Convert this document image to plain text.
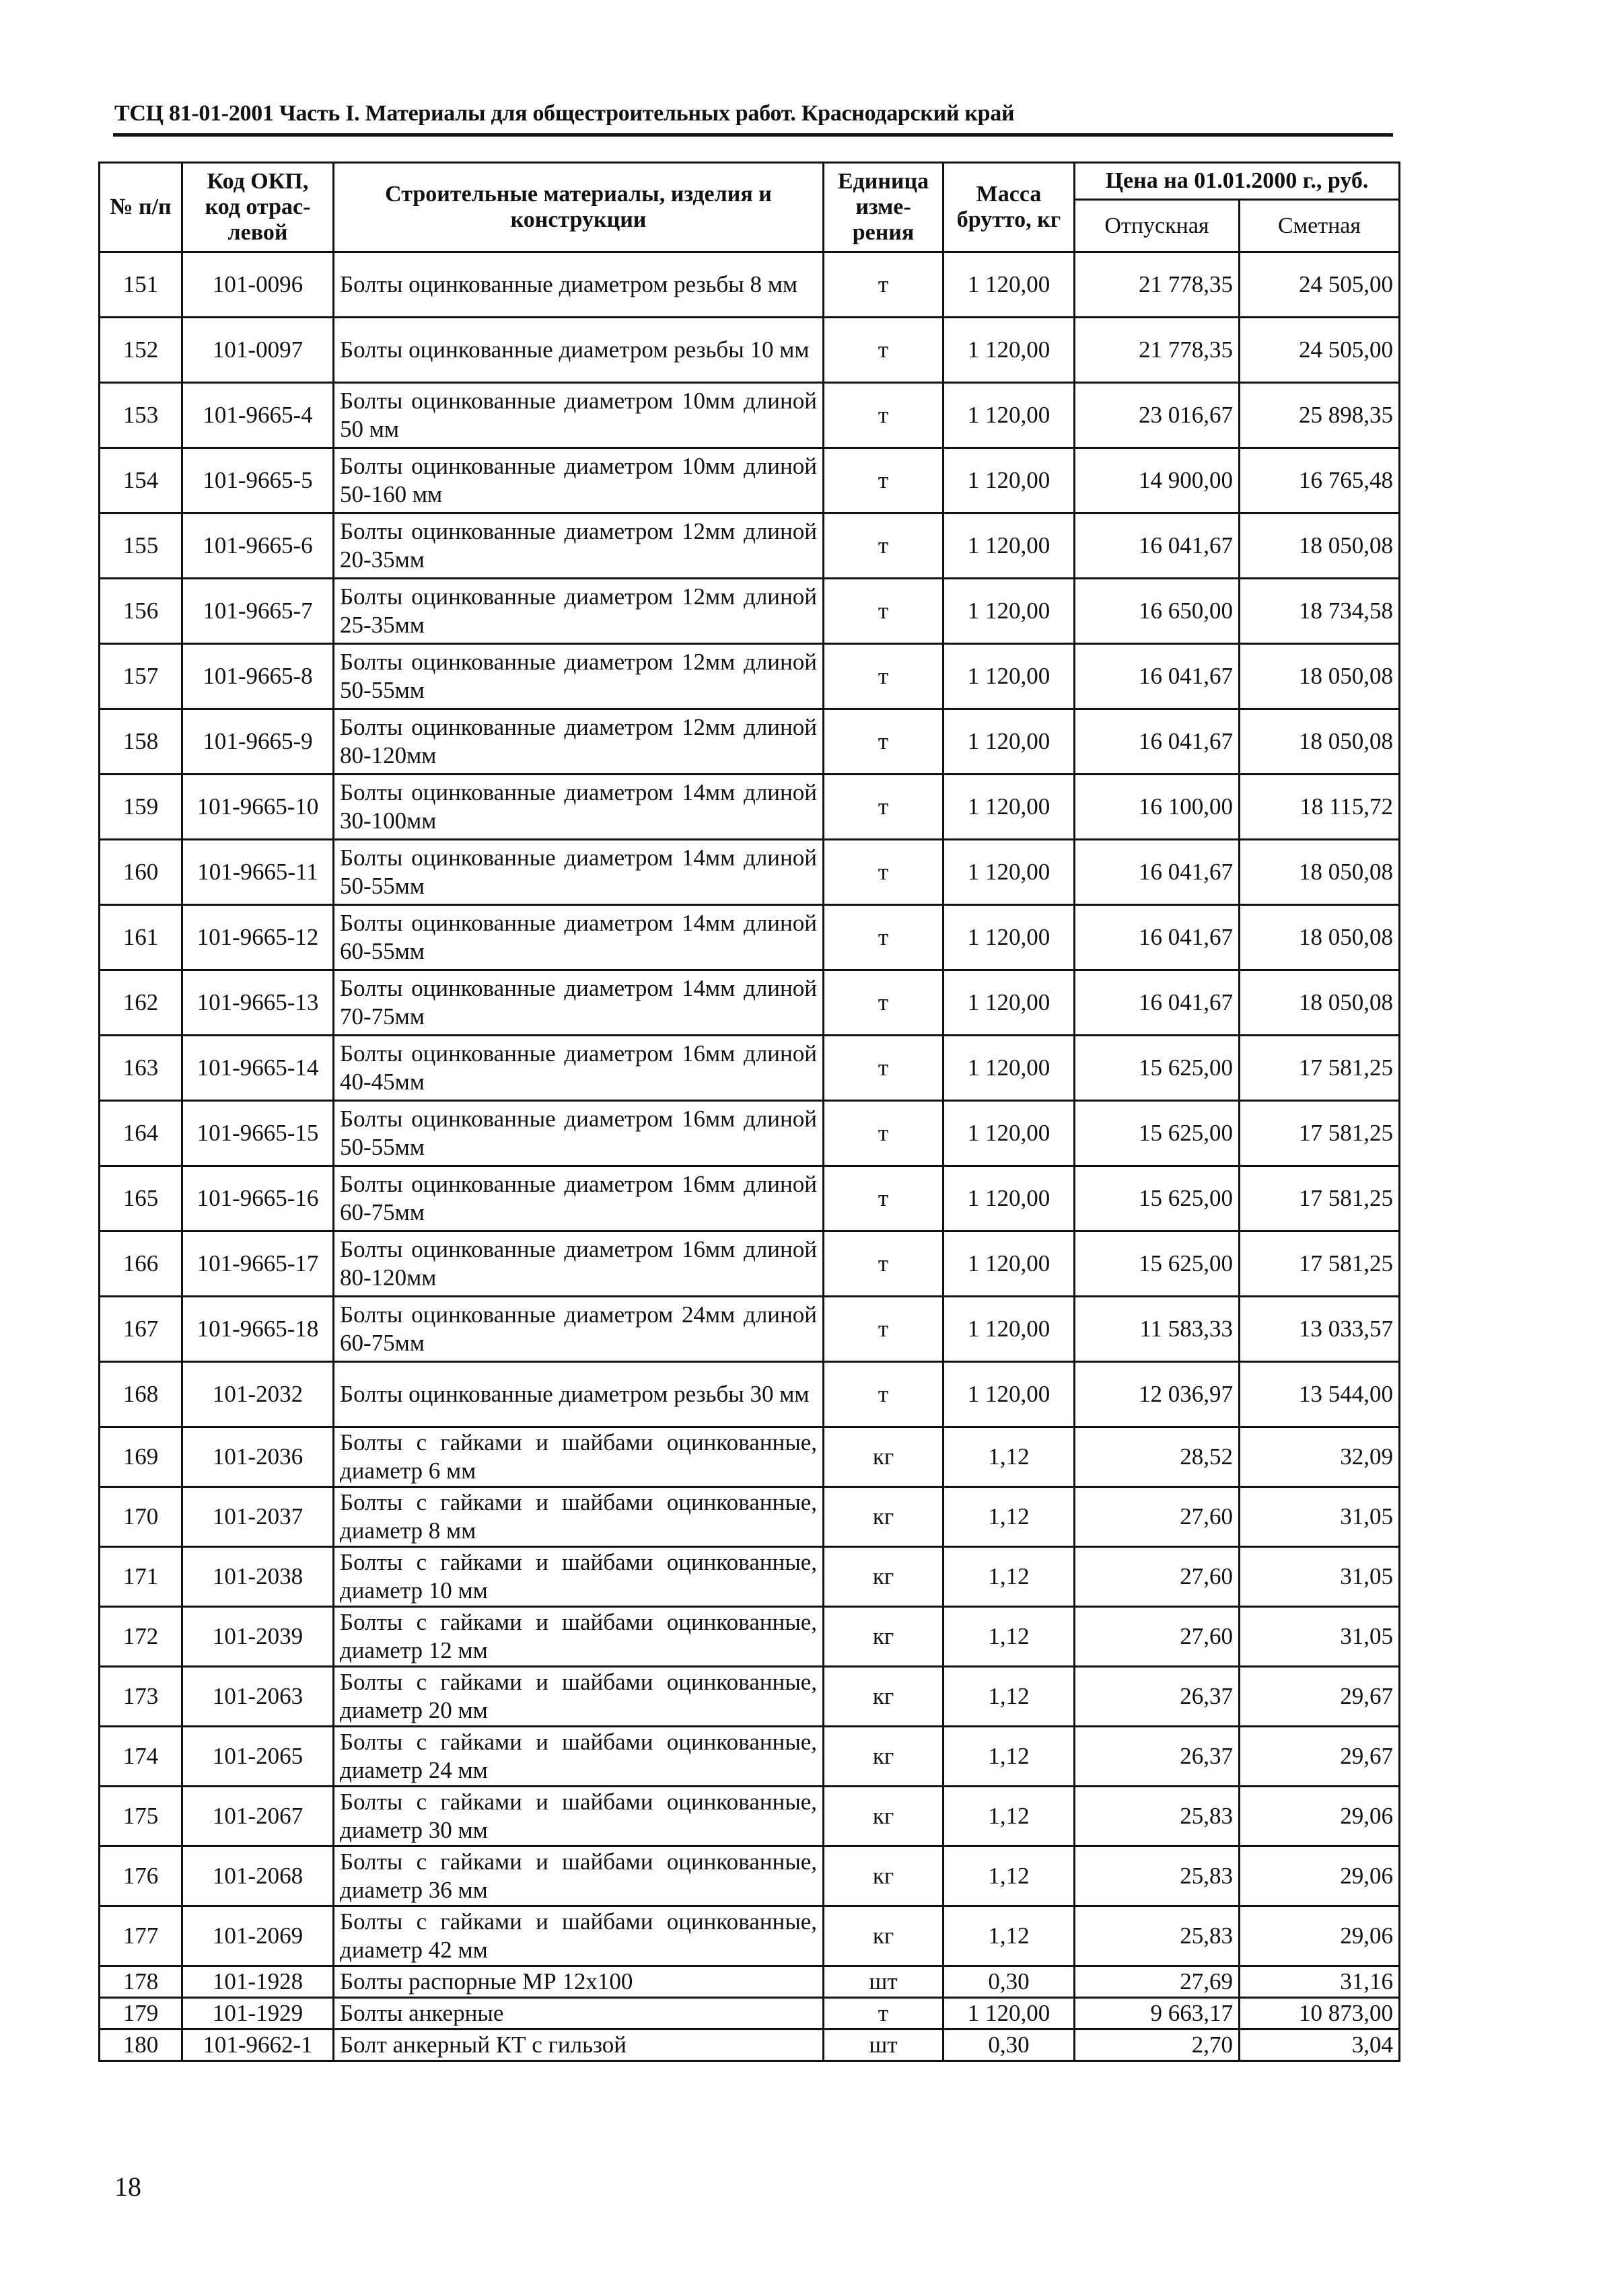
ТСЦ 81-01-2001 Часть I. Материалы для общестроительных работ. Краснодарский край
№ п/п	Код ОКП, код отрас-левой	Строительные материалы, изделия и конструкции	Единица изме-рения	Масса брутто, кг	Цена на 01.01.2000 г., руб.	
					Отпускная	Сметная
151	101-0096	Болты оцинкованные диаметром резьбы 8 мм	т	1 120,00	21 778,35	24 505,00
152	101-0097	Болты оцинкованные диаметром резьбы 10 мм	т	1 120,00	21 778,35	24 505,00
153	101-9665-4	Болты оцинкованные диаметром 10мм длиной 50 мм	т	1 120,00	23 016,67	25 898,35
154	101-9665-5	Болты оцинкованные диаметром 10мм длиной 50-160 мм	т	1 120,00	14 900,00	16 765,48
155	101-9665-6	Болты оцинкованные диаметром 12мм длиной 20-35мм	т	1 120,00	16 041,67	18 050,08
156	101-9665-7	Болты оцинкованные диаметром 12мм длиной 25-35мм	т	1 120,00	16 650,00	18 734,58
157	101-9665-8	Болты оцинкованные диаметром 12мм длиной 50-55мм	т	1 120,00	16 041,67	18 050,08
158	101-9665-9	Болты оцинкованные диаметром 12мм длиной 80-120мм	т	1 120,00	16 041,67	18 050,08
159	101-9665-10	Болты оцинкованные диаметром 14мм длиной 30-100мм	т	1 120,00	16 100,00	18 115,72
160	101-9665-11	Болты оцинкованные диаметром 14мм длиной 50-55мм	т	1 120,00	16 041,67	18 050,08
161	101-9665-12	Болты оцинкованные диаметром 14мм длиной 60-55мм	т	1 120,00	16 041,67	18 050,08
162	101-9665-13	Болты оцинкованные диаметром 14мм длиной 70-75мм	т	1 120,00	16 041,67	18 050,08
163	101-9665-14	Болты оцинкованные диаметром 16мм длиной 40-45мм	т	1 120,00	15 625,00	17 581,25
164	101-9665-15	Болты оцинкованные диаметром 16мм длиной 50-55мм	т	1 120,00	15 625,00	17 581,25
165	101-9665-16	Болты оцинкованные диаметром 16мм длиной 60-75мм	т	1 120,00	15 625,00	17 581,25
166	101-9665-17	Болты оцинкованные диаметром 16мм длиной 80-120мм	т	1 120,00	15 625,00	17 581,25
167	101-9665-18	Болты оцинкованные диаметром 24мм длиной 60-75мм	т	1 120,00	11 583,33	13 033,57
168	101-2032	Болты оцинкованные диаметром резьбы 30 мм	т	1 120,00	12 036,97	13 544,00
169	101-2036	Болты с гайками и шайбами оцинкованные, диаметр 6 мм	кг	1,12	28,52	32,09
170	101-2037	Болты с гайками и шайбами оцинкованные, диаметр 8 мм	кг	1,12	27,60	31,05
171	101-2038	Болты с гайками и шайбами оцинкованные, диаметр 10 мм	кг	1,12	27,60	31,05
172	101-2039	Болты с гайками и шайбами оцинкованные, диаметр 12 мм	кг	1,12	27,60	31,05
173	101-2063	Болты с гайками и шайбами оцинкованные, диаметр 20 мм	кг	1,12	26,37	29,67
174	101-2065	Болты с гайками и шайбами оцинкованные, диаметр 24 мм	кг	1,12	26,37	29,67
175	101-2067	Болты с гайками и шайбами оцинкованные, диаметр 30 мм	кг	1,12	25,83	29,06
176	101-2068	Болты с гайками и шайбами оцинкованные, диаметр 36 мм	кг	1,12	25,83	29,06
177	101-2069	Болты с гайками и шайбами оцинкованные, диаметр 42 мм	кг	1,12	25,83	29,06
178	101-1928	Болты распорные МР 12х100	шт	0,30	27,69	31,16
179	101-1929	Болты анкерные	т	1 120,00	9 663,17	10 873,00
180	101-9662-1	Болт анкерный КТ с гильзой	шт	0,30	2,70	3,04
18
